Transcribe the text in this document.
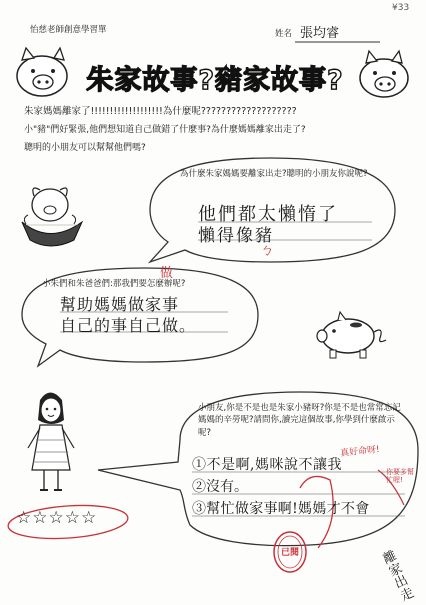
怡慈老師創意學習單	姓名 張均睿
¥33
朱家故事?豬家故事?
朱家媽媽離家了!!!!!!!!!!!!!!!!!!!為什麼呢???????????????????
小"豬"們好緊張,他們想知道自己做錯了什麼事?為什麼媽媽離家出走了?
聰明的小朋友可以幫幫他們嗎?
為什麼朱家媽媽要離家出走?聰明的小朋友你說呢?
他們都太懶惰了
懶得像豬
ㄅ
小朱們和朱爸爸們:那我們要怎麼辦呢?
做
幫助媽媽做家事
自己的事自己做。
小朋友,你是不是也是朱家小豬呀?你是不是也常常忘記媽媽的辛勞呢?請問你,讀完這個故事,你學到什麼啟示呢?
①不是啊,媽咪說不讓我
②沒有。
③幫忙做家事啊!媽媽才不會
真好命呀!
你要多幫忙喔!
離家出走
☆☆☆☆☆
已閱
